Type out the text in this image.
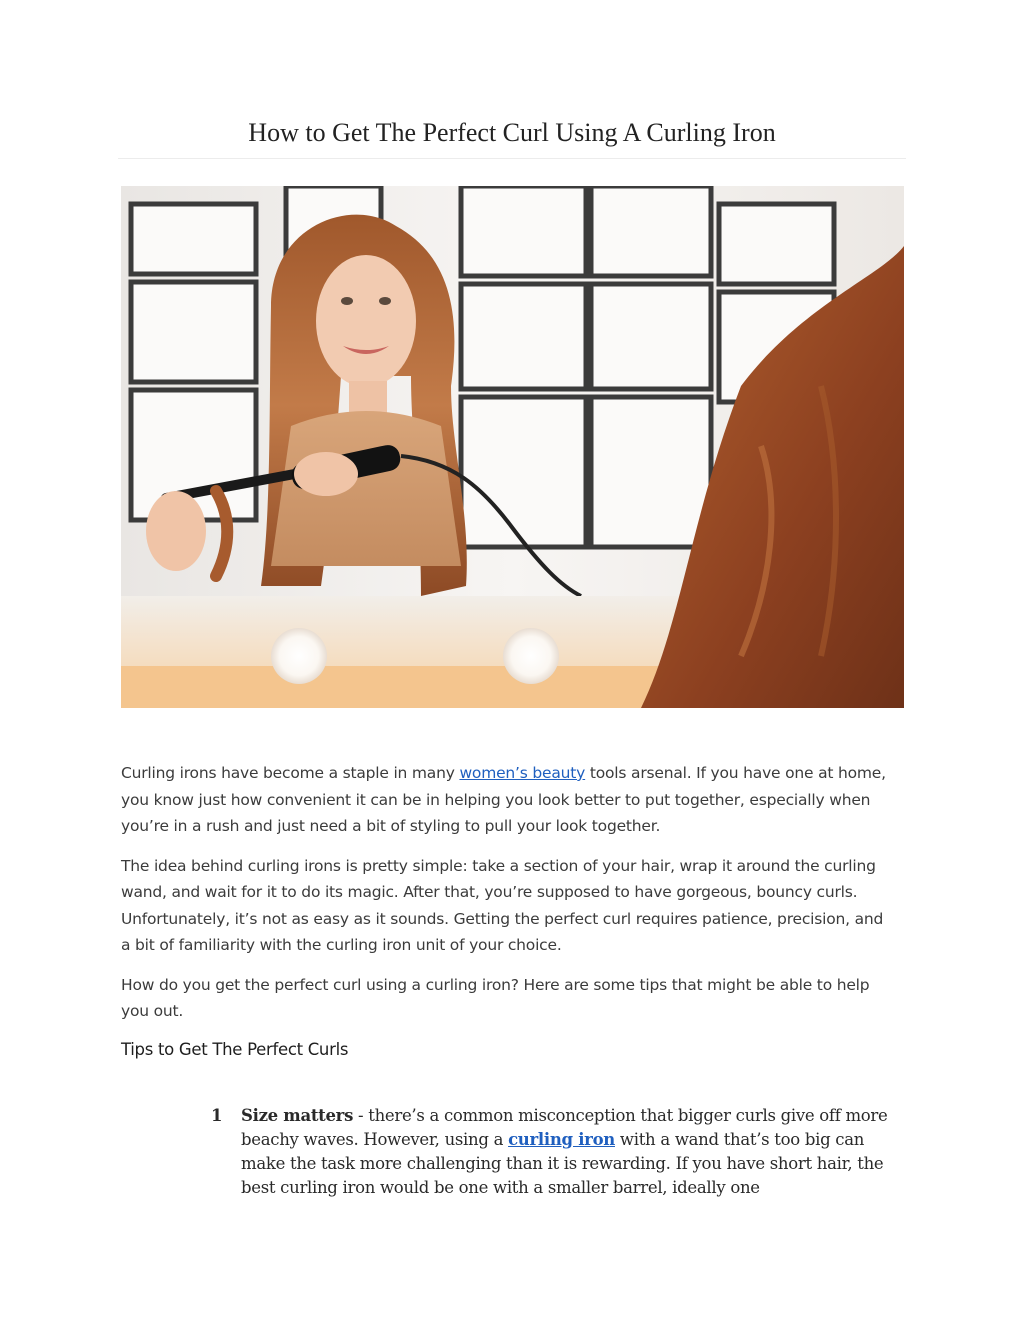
How to Get The Perfect Curl Using A Curling Iron

Curling irons have become a staple in many women’s beauty tools arsenal. If you have one at home, you know just how convenient it can be in helping you look better to put together, especially when you’re in a rush and just need a bit of styling to pull your look together.

The idea behind curling irons is pretty simple: take a section of your hair, wrap it around the curling wand, and wait for it to do its magic. After that, you’re supposed to have gorgeous, bouncy curls. Unfortunately, it’s not as easy as it sounds. Getting the perfect curl requires patience, precision, and a bit of familiarity with the curling iron unit of your choice.

How do you get the perfect curl using a curling iron? Here are some tips that might be able to help you out.

Tips to Get The Perfect Curls
1 Size matters - there’s a common misconception that bigger curls give off more beachy waves. However, using a curling iron with a wand that’s too big can make the task more challenging than it is rewarding. If you have short hair, the best curling iron would be one with a smaller barrel, ideally one
